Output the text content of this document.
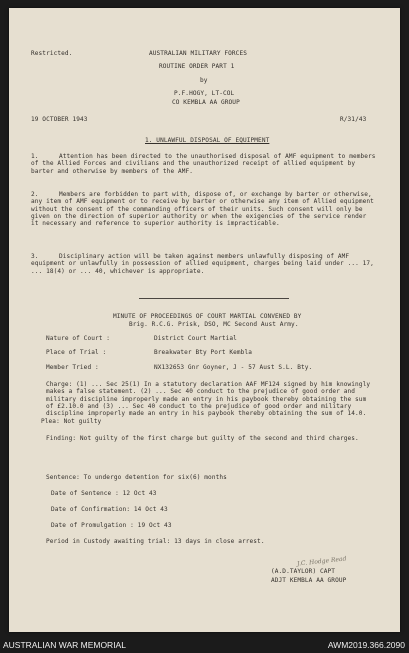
Restricted.	AUSTRALIAN MILITARY FORCES
ROUTINE ORDER PART 1
by
P.F.HOGY, LT-COL
CO KEMBLA AA GROUP
19 OCTOBER 1943	R/31/43
1. UNLAWFUL DISPOSAL OF EQUIPMENT
1.	Attention has been directed to the unauthorised disposal of AMF equipment to members of the Allied Forces and civilians and the unauthorized receipt of allied equipment by barter and otherwise by members of the AMF.
2.	Members are forbidden to part with, dispose of, or exchange by barter or otherwise, any item of AMF equipment or to receive by barter or otherwise any item of Allied equipment without the consent of the commanding officers of their units. Such consent will only be given on the direction of superior authority or when the exigencies of the service render it necessary and reference to superior authority is impracticable.
3.	Disciplinary action will be taken against members unlawfully disposing of AMF equipment or unlawfully in possession of allied equipment, charges being laid under ... 17, ... 18(4) or ... 40, whichever is appropriate.
MINUTE OF PROCEEDINGS OF COURT MARTIAL CONVENED BY
Brig. R.C.G. Prisk, DSO, MC Second Aust Army.
Nature of Court :	District Court Martial
Place of Trial :	Breakwater Bty Port Kembla
Member Tried :	NX132653 Gnr Goyner, J - 57 Aust S.L. Bty.
Charge: (1) ... Sec 25(1) In a statutory declaration AAF MF124 signed by him knowingly makes a false statement. (2) ... Sec 40 conduct to the prejudice of good order and military discipline improperly made an entry in his paybook thereby obtaining the sum of £2.10.0 and (3) ... Sec 40 conduct to the prejudice of good order and military discipline improperly made an entry in his paybook thereby obtaining the sum of 14.0.
Plea: Not guilty
Finding: Not guilty of the first charge but guilty of the second and third charges.
Sentence: To undergo detention for six(6) months
Date of Sentence : 12 Oct 43
Date of Confirmation: 14 Oct 43
Date of Promulgation : 19 Oct 43
Period in Custody awaiting trial: 13 days in close arrest.
J.C. Hodge Read
(A.D.TAYLOR) CAPT
ADJT KEMBLA AA GROUP
AUSTRALIAN WAR MEMORIAL	AWM2019.366.2090
